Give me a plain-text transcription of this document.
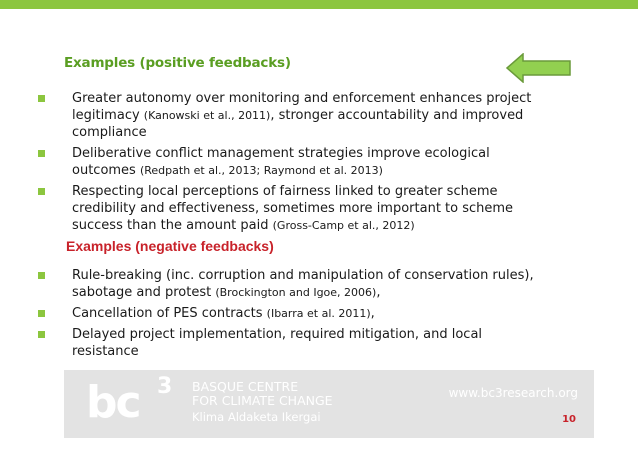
Examples (positive feedbacks)
Greater autonomy over monitoring and enforcement enhances project legitimacy (Kanowski et al., 2011), stronger accountability and improved compliance
Deliberative conflict management strategies improve ecological outcomes (Redpath et al., 2013; Raymond et al. 2013)
Respecting local perceptions of fairness linked to greater scheme credibility and effectiveness, sometimes more important to scheme success than the amount paid (Gross-Camp et al., 2012)
Examples (negative feedbacks)
Rule-breaking (inc. corruption and manipulation of conservation rules), sabotage and protest (Brockington and Igoe, 2006),
Cancellation of PES contracts (Ibarra et al. 2011),
Delayed project implementation, required mitigation, and local resistance
bc 3 BASQUE CENTRE
FOR CLIMATE CHANGE
Klima Aldaketa Ikergai
www.bc3research.org
10
